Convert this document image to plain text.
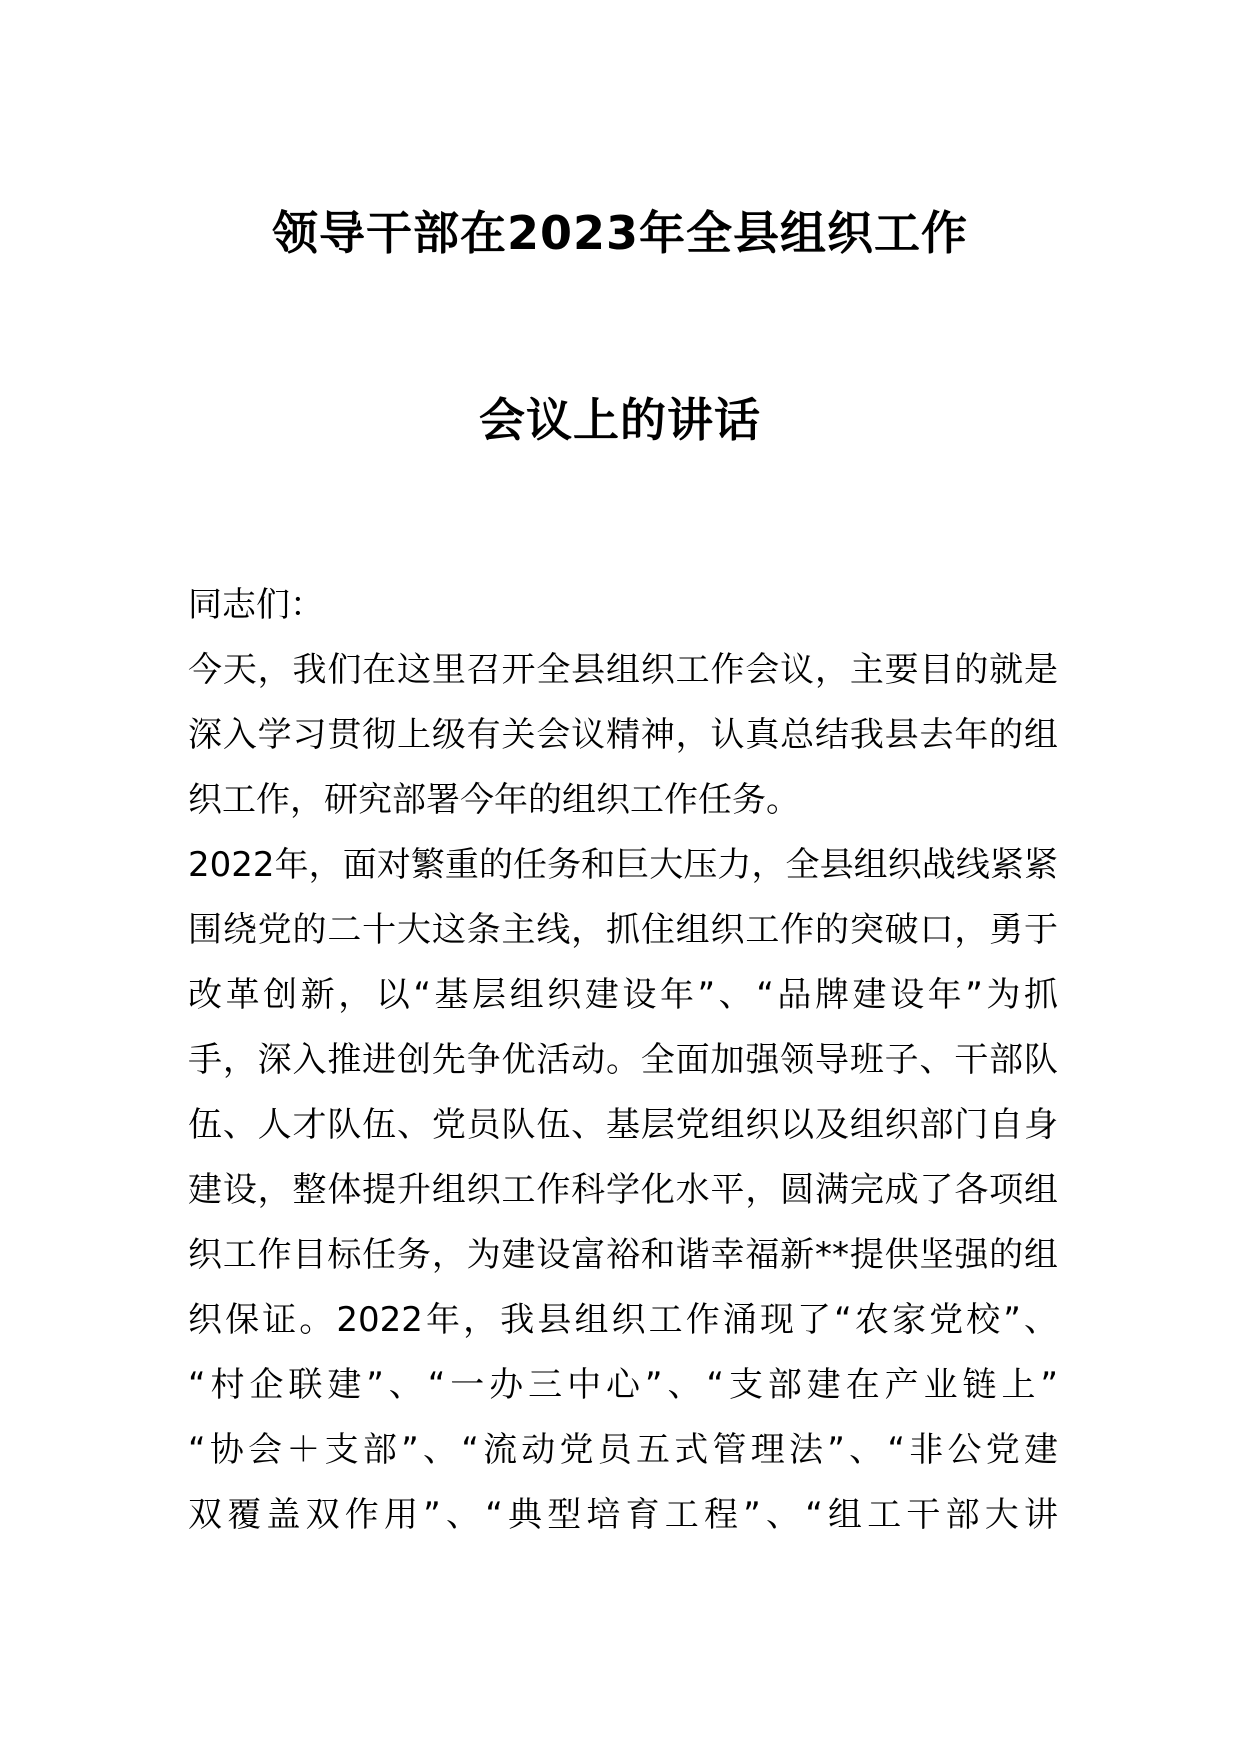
领导干部在2023年全县组织工作
会议上的讲话
同志们：
今天，我们在这里召开全县组织工作会议，主要目的就是
深入学习贯彻上级有关会议精神，认真总结我县去年的组
织工作，研究部署今年的组织工作任务。
2022年，面对繁重的任务和巨大压力，全县组织战线紧紧
围绕党的二十大这条主线，抓住组织工作的突破口，勇于
改革创新，以“基层组织建设年”、“品牌建设年”为抓
手，深入推进创先争优活动。全面加强领导班子、干部队
伍、人才队伍、党员队伍、基层党组织以及组织部门自身
建设，整体提升组织工作科学化水平，圆满完成了各项组
织工作目标任务，为建设富裕和谐幸福新**提供坚强的组
织保证。2022年，我县组织工作涌现了“农家党校”、
“村企联建”、“一办三中心”、“支部建在产业链上”
“协会＋支部”、“流动党员五式管理法”、“非公党建
双覆盖双作用”、“典型培育工程”、“组工干部大讲
